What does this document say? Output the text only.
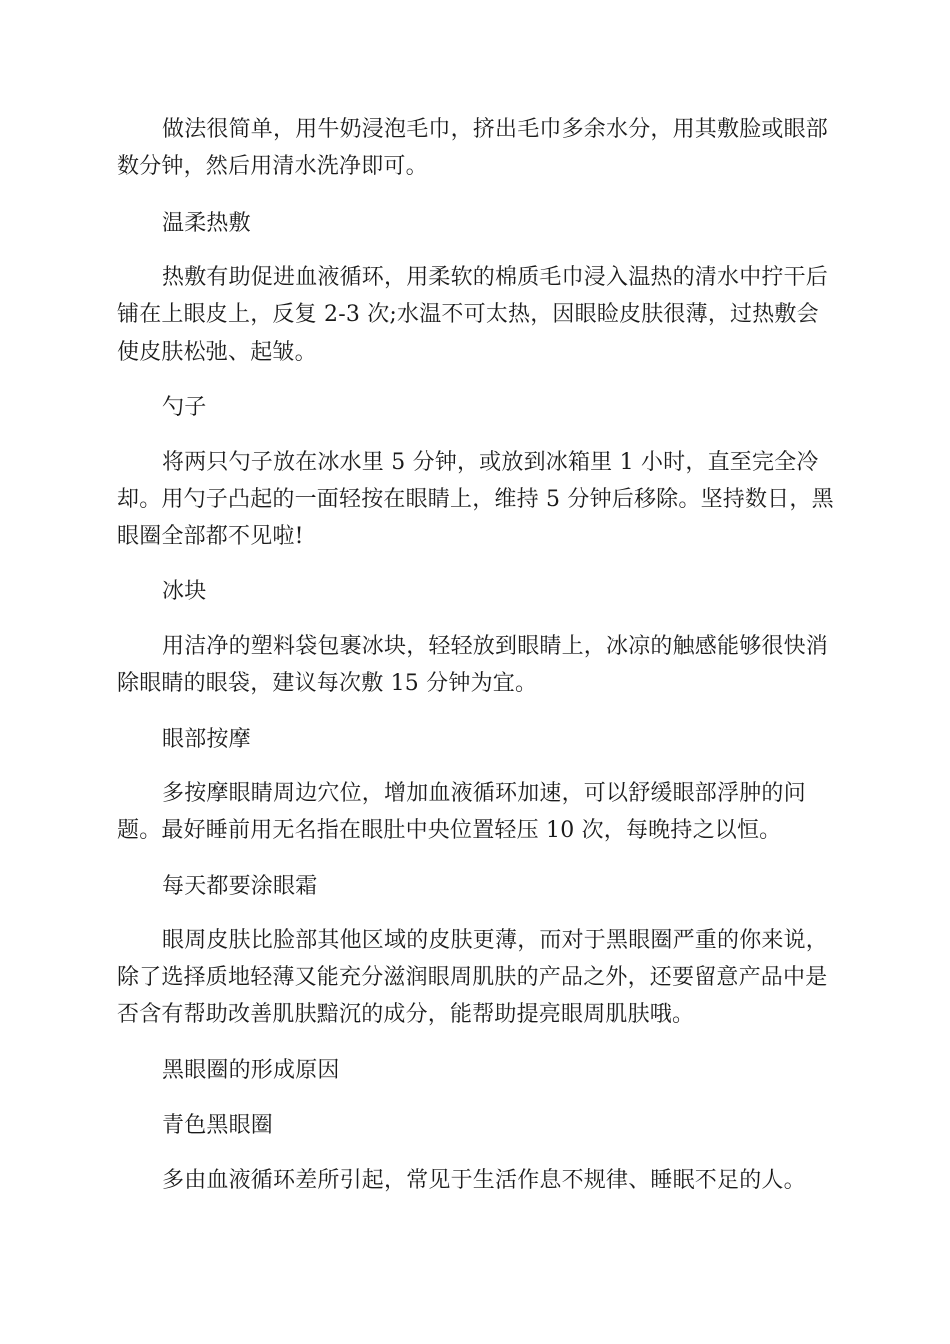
做法很简单，用牛奶浸泡毛巾，挤出毛巾多余水分，用其敷脸或眼部
数分钟，然后用清水洗净即可。
温柔热敷
热敷有助促进血液循环，用柔软的棉质毛巾浸入温热的清水中拧干后
铺在上眼皮上，反复 2-3 次;水温不可太热，因眼睑皮肤很薄，过热敷会
使皮肤松弛、起皱。
勺子
将两只勺子放在冰水里 5 分钟，或放到冰箱里 1 小时，直至完全冷
却。用勺子凸起的一面轻按在眼睛上，维持 5 分钟后移除。坚持数日，黑
眼圈全部都不见啦!
冰块
用洁净的塑料袋包裹冰块，轻轻放到眼睛上，冰凉的触感能够很快消
除眼睛的眼袋，建议每次敷 15 分钟为宜。
眼部按摩
多按摩眼睛周边穴位，增加血液循环加速，可以舒缓眼部浮肿的问
题。最好睡前用无名指在眼肚中央位置轻压 10 次，每晚持之以恒。
每天都要涂眼霜
眼周皮肤比脸部其他区域的皮肤更薄，而对于黑眼圈严重的你来说，
除了选择质地轻薄又能充分滋润眼周肌肤的产品之外，还要留意产品中是
否含有帮助改善肌肤黯沉的成分，能帮助提亮眼周肌肤哦。
黑眼圈的形成原因
青色黑眼圈
多由血液循环差所引起，常见于生活作息不规律、睡眠不足的人。
